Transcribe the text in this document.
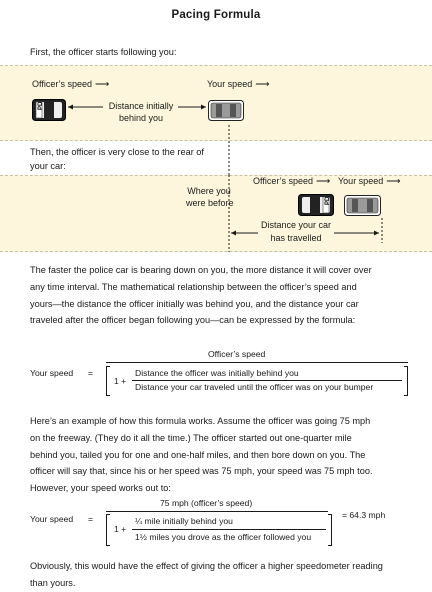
Pacing Formula
First, the officer starts following you:
Officer’s speed ⟶	Your speed ⟶
PD	Distance initially
behind you
Then, the officer is very close to the rear of
your car:
Officer’s speed ⟶ Your speed ⟶
Where you
were before	PD
Distance your car
has travelled
The faster the police car is bearing down on you, the more distance it will cover over
any time interval. The mathematical relationship between the officer’s speed and
yours—the distance the officer initially was behind you, and the distance your car
traveled after the officer began following you—can be expressed by the formula:
Your speed =
Officer’s speed
1 +
Distance the officer was initially behind you
Distance your car traveled until the officer was on your bumper
Here’s an example of how this formula works. Assume the officer was going 75 mph
on the freeway. (They do it all the time.) The officer started out one-quarter mile
behind you, tailed you for one and one-half miles, and then bore down on you. The
officer will say that, since his or her speed was 75 mph, your speed was 75 mph too.
However, your speed works out to:
Your speed =
75 mph (officer’s speed)
1 +
¼ mile initially behind you
1½ miles you drove as the officer followed you
= 64.3 mph
Obviously, this would have the effect of giving the officer a higher speedometer reading
than yours.
